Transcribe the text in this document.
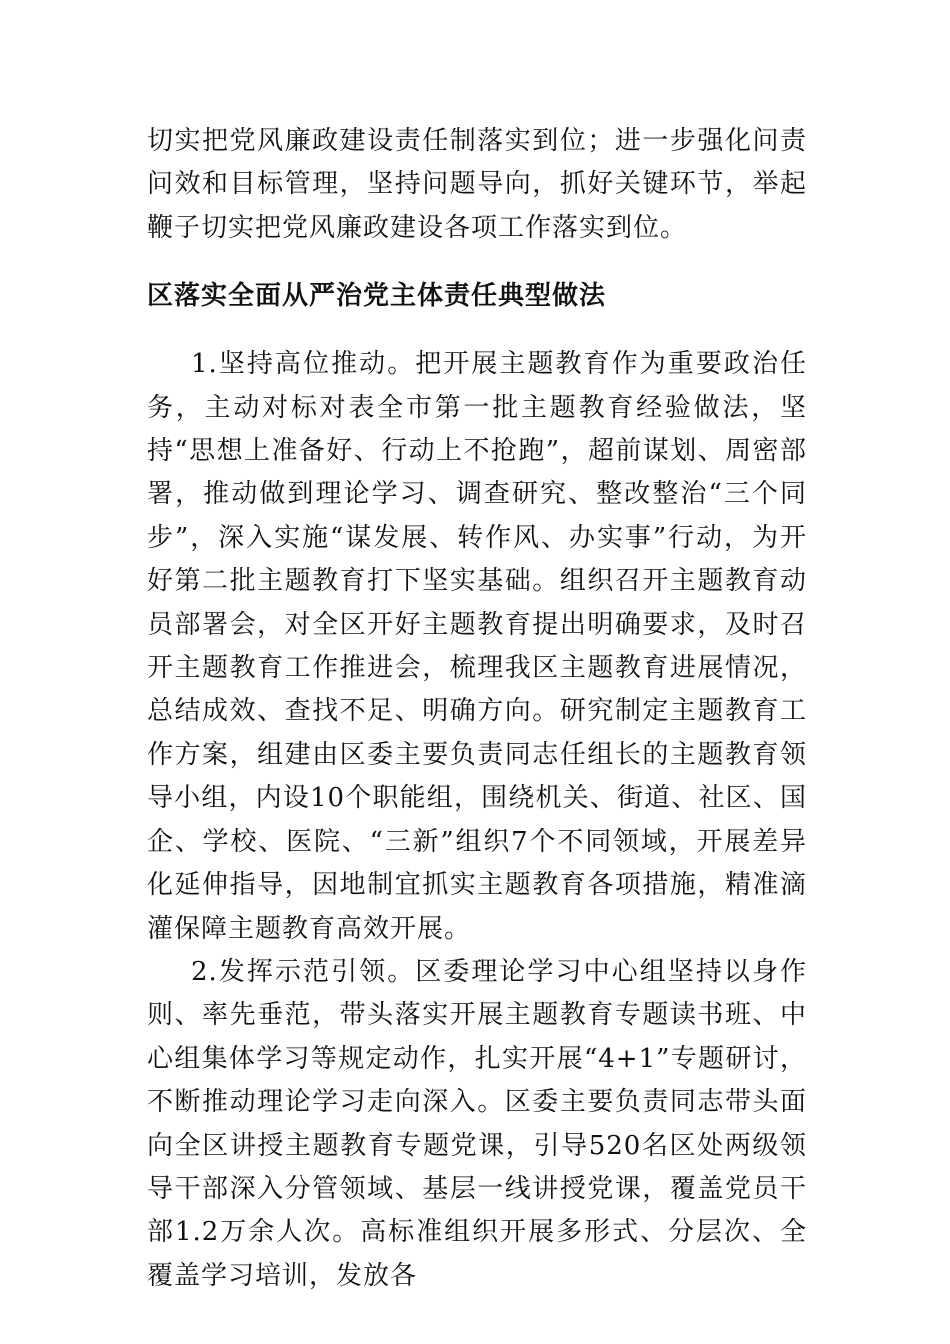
切实把党风廉政建设责任制落实到位；进一步强化问责问效和目标管理，坚持问题导向，抓好关键环节，举起鞭子切实把党风廉政建设各项工作落实到位。

区落实全面从严治党主体责任典型做法

1.坚持高位推动。把开展主题教育作为重要政治任务，主动对标对表全市第一批主题教育经验做法，坚持“思想上准备好、行动上不抢跑”，超前谋划、周密部署，推动做到理论学习、调查研究、整改整治“三个同步”，深入实施“谋发展、转作风、办实事”行动，为开好第二批主题教育打下坚实基础。组织召开主题教育动员部署会，对全区开好主题教育提出明确要求，及时召开主题教育工作推进会，梳理我区主题教育进展情况，总结成效、查找不足、明确方向。研究制定主题教育工作方案，组建由区委主要负责同志任组长的主题教育领导小组，内设10个职能组，围绕机关、街道、社区、国企、学校、医院、“三新”组织7个不同领域，开展差异化延伸指导，因地制宜抓实主题教育各项措施，精准滴灌保障主题教育高效开展。

2.发挥示范引领。区委理论学习中心组坚持以身作则、率先垂范，带头落实开展主题教育专题读书班、中心组集体学习等规定动作，扎实开展“4+1”专题研讨，不断推动理论学习走向深入。区委主要负责同志带头面向全区讲授主题教育专题党课，引导520名区处两级领导干部深入分管领域、基层一线讲授党课，覆盖党员干部1.2万余人次。高标准组织开展多形式、分层次、全覆盖学习培训，发放各
